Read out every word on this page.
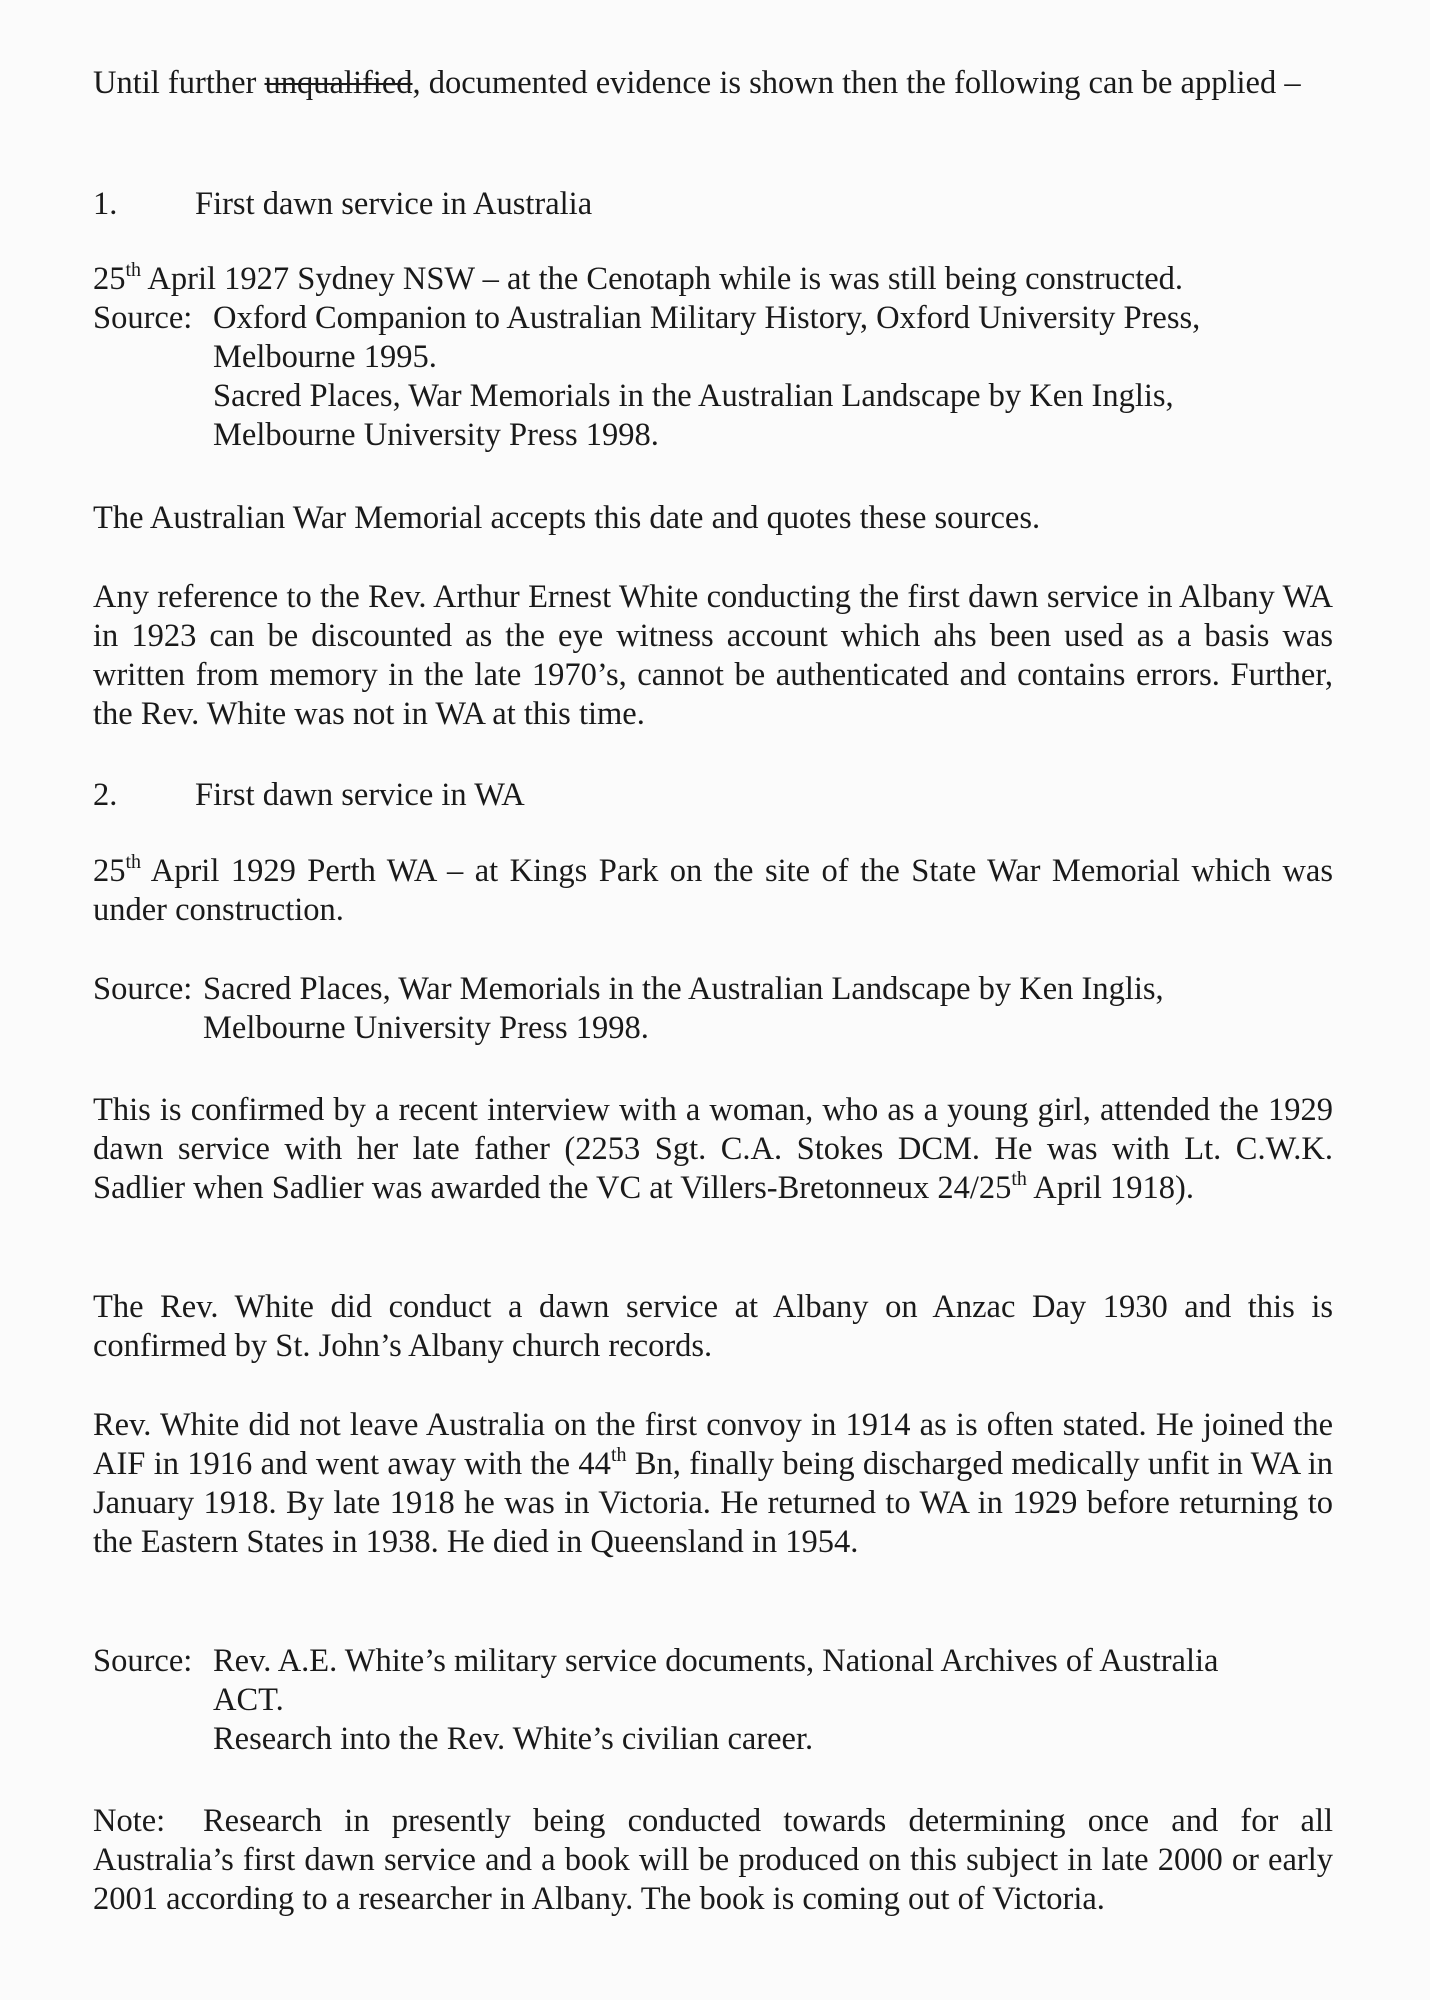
Until further unqualified, documented evidence is shown then the following can be applied –

1. First dawn service in Australia

25th April 1927 Sydney NSW – at the Cenotaph while is was still being constructed.

Source: Oxford Companion to Australian Military History, Oxford University Press,
Melbourne 1995.
Sacred Places, War Memorials in the Australian Landscape by Ken Inglis,
Melbourne University Press 1998.

The Australian War Memorial accepts this date and quotes these sources.

Any reference to the Rev. Arthur Ernest White conducting the first dawn service in Albany WA in 1923 can be discounted as the eye witness account which ahs been used as a basis was written from memory in the late 1970’s, cannot be authenticated and contains errors. Further, the Rev. White was not in WA at this time.

2. First dawn service in WA

25th April 1929 Perth WA – at Kings Park on the site of the State War Memorial which was under construction.

Source: Sacred Places, War Memorials in the Australian Landscape by Ken Inglis,
Melbourne University Press 1998.

This is confirmed by a recent interview with a woman, who as a young girl, attended the 1929 dawn service with her late father (2253 Sgt. C.A. Stokes DCM. He was with Lt. C.W.K. Sadlier when Sadlier was awarded the VC at Villers-Bretonneux 24/25th April 1918).

The Rev. White did conduct a dawn service at Albany on Anzac Day 1930 and this is confirmed by St. John’s Albany church records.

Rev. White did not leave Australia on the first convoy in 1914 as is often stated. He joined the AIF in 1916 and went away with the 44th Bn, finally being discharged medically unfit in WA in January 1918. By late 1918 he was in Victoria. He returned to WA in 1929 before returning to the Eastern States in 1938. He died in Queensland in 1954.

Source: Rev. A.E. White’s military service documents, National Archives of Australia
ACT.
Research into the Rev. White’s civilian career.

Note: Research in presently being conducted towards determining once and for all Australia’s first dawn service and a book will be produced on this subject in late 2000 or early 2001 according to a researcher in Albany. The book is coming out of Victoria.
